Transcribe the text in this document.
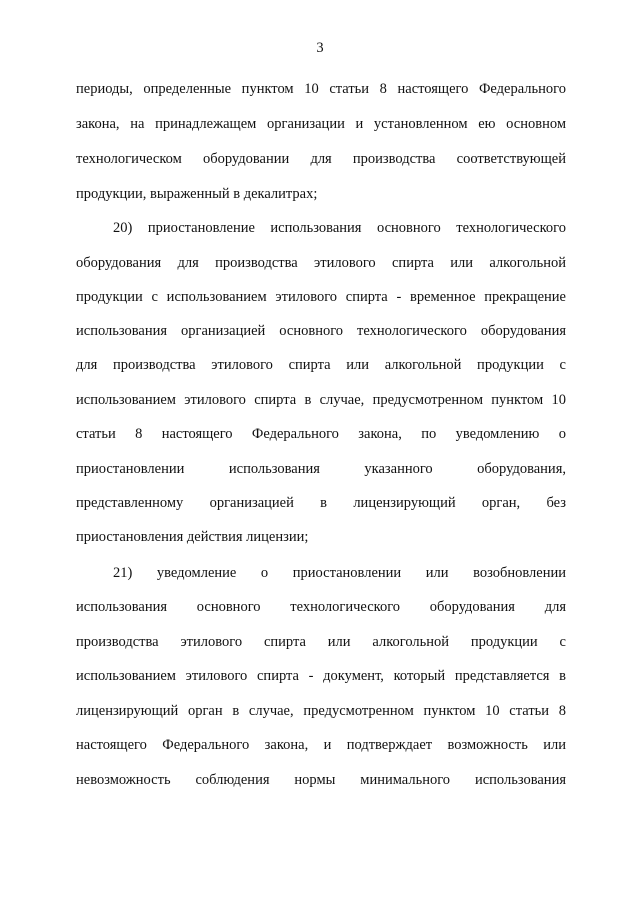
3
периоды, определенные пунктом 10 статьи 8 настоящего Федерального
закона, на принадлежащем организации и установленном ею основном
технологическом оборудовании для производства соответствующей
продукции, выраженный в декалитрах;
20) приостановление использования основного технологического
оборудования для производства этилового спирта или алкогольной
продукции с использованием этилового спирта - временное прекращение
использования организацией основного технологического оборудования
для производства этилового спирта или алкогольной продукции с
использованием этилового спирта в случае, предусмотренном пунктом 10
статьи 8 настоящего Федерального закона, по уведомлению о
приостановлении использования указанного оборудования,
представленному организацией в лицензирующий орган, без
приостановления действия лицензии;
21) уведомление о приостановлении или возобновлении
использования основного технологического оборудования для
производства этилового спирта или алкогольной продукции с
использованием этилового спирта - документ, который представляется в
лицензирующий орган в случае, предусмотренном пунктом 10 статьи 8
настоящего Федерального закона, и подтверждает возможность или
невозможность соблюдения нормы минимального использования
